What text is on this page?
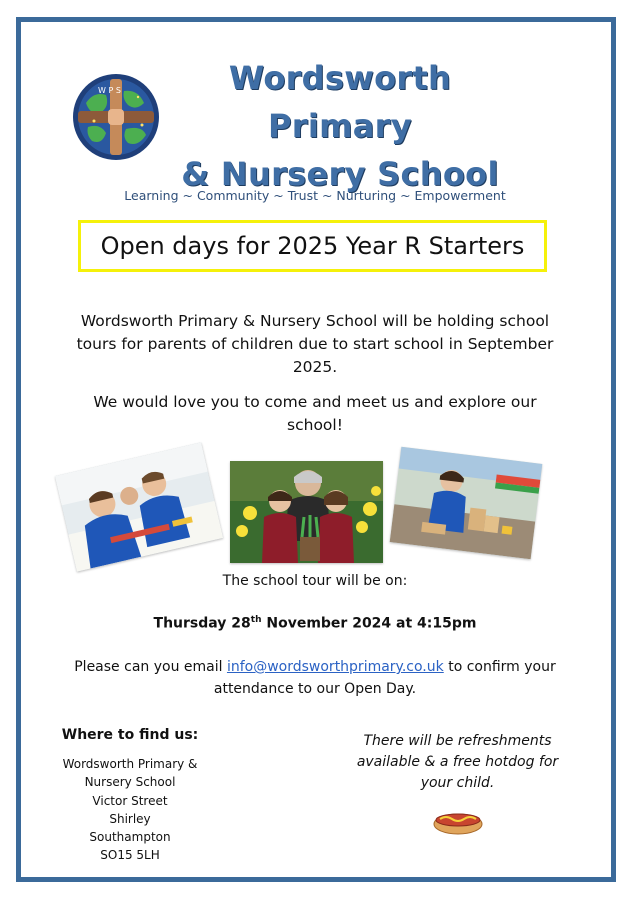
W P S	Wordsworth Primary
& Nursery School
Learning ~ Community ~ Trust ~ Nurturing ~ Empowerment
Open days for 2025 Year R Starters
Wordsworth Primary & Nursery School will be holding school tours for parents of children due to start school in September 2025.
We would love you to come and meet us and explore our school!
The school tour will be on:
Thursday 28th November 2024 at 4:15pm
Please can you email info@wordsworthprimary.co.uk to confirm your attendance to our Open Day.
Where to find us:
Wordsworth Primary &
Nursery School
Victor Street
Shirley
Southampton
SO15 5LH
There will be refreshments available & a free hotdog for your child.
